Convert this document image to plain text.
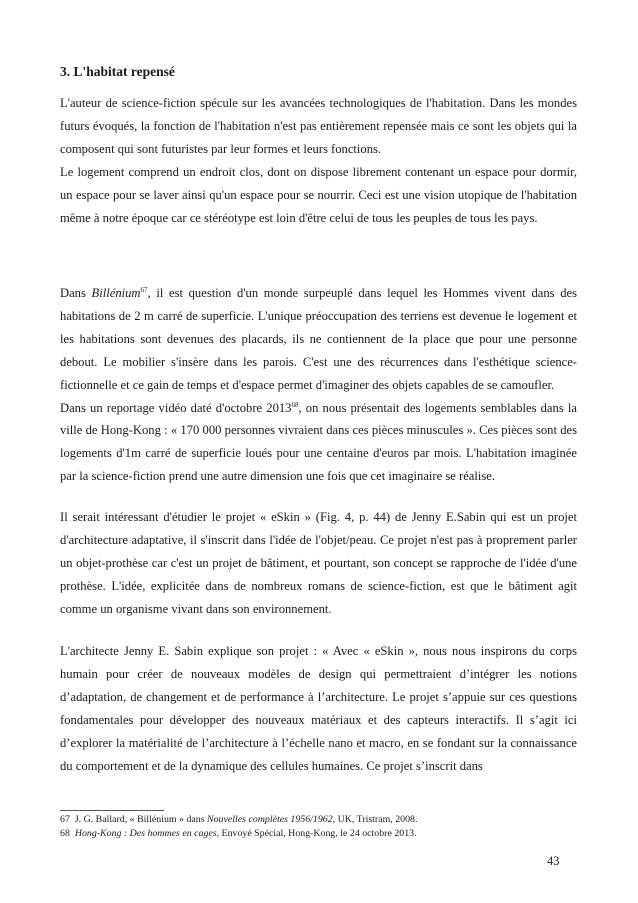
3. L'habitat repensé

L'auteur de science-fiction spécule sur les avancées technologiques de l'habitation. Dans les mondes futurs évoqués, la fonction de l'habitation n'est pas entièrement repensée mais ce sont les objets qui la composent qui sont futuristes par leur formes et leurs fonctions.

Le logement comprend un endroit clos, dont on dispose librement contenant un espace pour dormir, un espace pour se laver ainsi qu'un espace pour se nourrir. Ceci est une vision utopique de l'habitation même à notre époque car ce stéréotype est loin d'être celui de tous les peuples de tous les pays.

Dans Billénium$^{67}$, il est question d'un monde surpeuplé dans lequel les Hommes vivent dans des habitations de 2 m carré de superficie. L'unique préoccupation des terriens est devenue le logement et les habitations sont devenues des placards, ils ne contiennent de la place que pour une personne debout. Le mobilier s'insère dans les parois. C'est une des récurrences dans l'esthétique science-fictionnelle et ce gain de temps et d'espace permet d'imaginer des objets capables de se camoufler.

Dans un reportage vidéo daté d'octobre 2013$^{68}$, on nous présentait des logements semblables dans la ville de Hong-Kong : « 170 000 personnes vivraient dans ces pièces minuscules ». Ces pièces sont des logements d'1m carré de superficie loués pour une centaine d'euros par mois. L'habitation imaginée par la science-fiction prend une autre dimension une fois que cet imaginaire se réalise.

Il serait intéressant d'étudier le projet « eSkin » (Fig. 4, p. 44) de Jenny E.Sabin qui est un projet d'architecture adaptative, il s'inscrit dans l'idée de l'objet/peau. Ce projet n'est pas à proprement parler un objet-prothèse car c'est un projet de bâtiment, et pourtant, son concept se rapproche de l'idée d'une prothèse. L'idée, explicitée dans de nombreux romans de science-fiction, est que le bâtiment agit comme un organisme vivant dans son environnement.

L'architecte Jenny E. Sabin explique son projet : « Avec « eSkin », nous nous inspirons du corps humain pour créer de nouveaux modèles de design qui permettraient d’intégrer les notions d’adaptation, de changement et de performance à l’architecture. Le projet s’appuie sur ces questions fondamentales pour développer des nouveaux matériaux et des capteurs interactifs. Il s’agit ici d’explorer la matérialité de l’architecture à l’échelle nano et macro, en se fondant sur la connaissance du comportement et de la dynamique des cellules humaines. Ce projet s’inscrit dans

67 J. G. Ballard, « Billénium » dans Nouvelles complètes 1956/1962, UK, Tristram, 2008.
68 Hong-Kong : Des hommes en cages, Envoyé Spécial, Hong-Kong, le 24 octobre 2013.
43
